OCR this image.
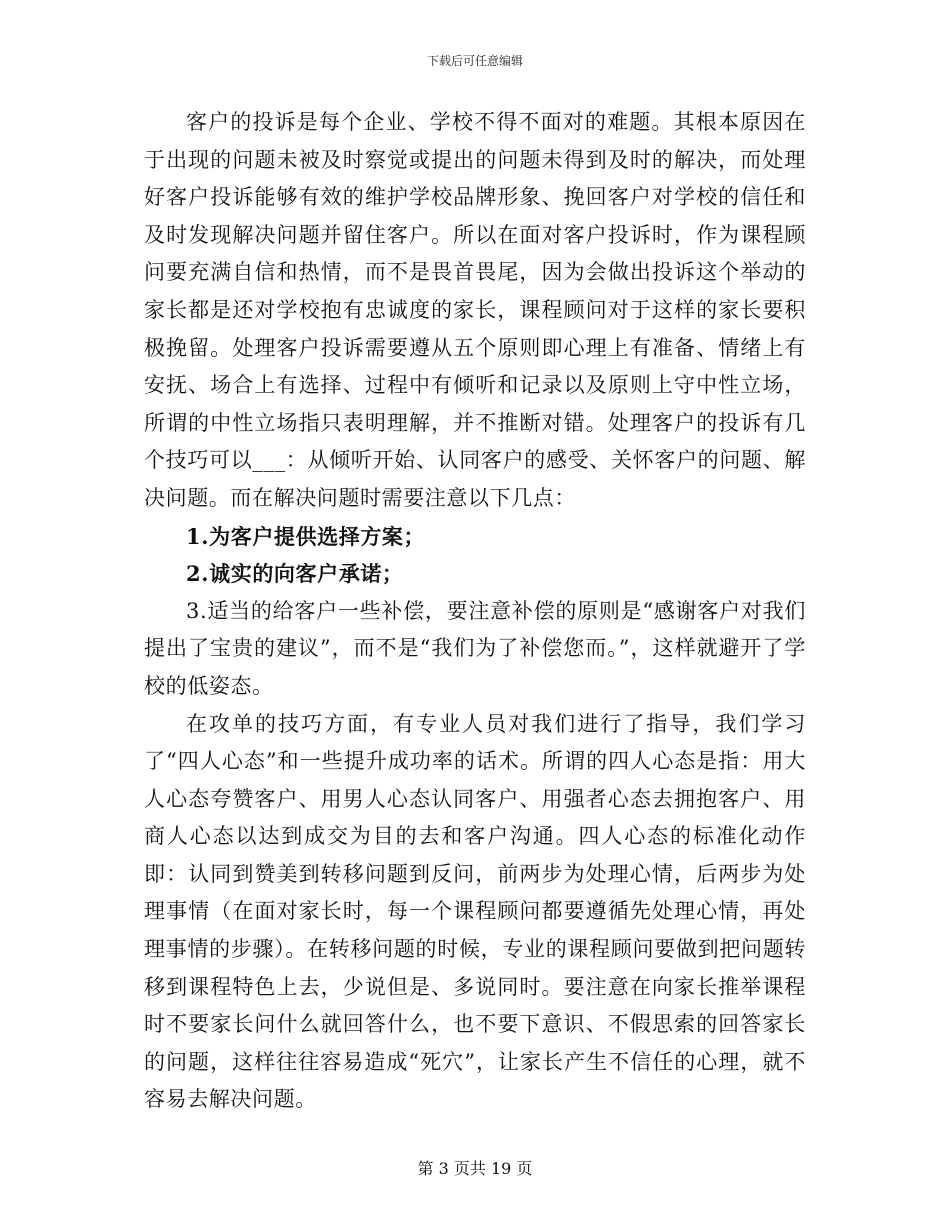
下载后可任意编辑

客户的投诉是每个企业、学校不得不面对的难题。其根本原因在于出现的问题未被及时察觉或提出的问题未得到及时的解决，而处理好客户投诉能够有效的维护学校品牌形象、挽回客户对学校的信任和及时发现解决问题并留住客户。所以在面对客户投诉时，作为课程顾问要充满自信和热情，而不是畏首畏尾，因为会做出投诉这个举动的家长都是还对学校抱有忠诚度的家长，课程顾问对于这样的家长要积极挽留。处理客户投诉需要遵从五个原则即心理上有准备、情绪上有安抚、场合上有选择、过程中有倾听和记录以及原则上守中性立场，所谓的中性立场指只表明理解，并不推断对错。处理客户的投诉有几个技巧可以___：从倾听开始、认同客户的感受、关怀客户的问题、解决问题。而在解决问题时需要注意以下几点：

1.为客户提供选择方案；

2.诚实的向客户承诺；

3.适当的给客户一些补偿，要注意补偿的原则是“感谢客户对我们提出了宝贵的建议”，而不是“我们为了补偿您而。”，这样就避开了学校的低姿态。

在攻单的技巧方面，有专业人员对我们进行了指导，我们学习了“四人心态”和一些提升成功率的话术。所谓的四人心态是指：用大人心态夸赞客户、用男人心态认同客户、用强者心态去拥抱客户、用商人心态以达到成交为目的去和客户沟通。四人心态的标准化动作即：认同到赞美到转移问题到反问，前两步为处理心情，后两步为处理事情（在面对家长时，每一个课程顾问都要遵循先处理心情，再处理事情的步骤）。在转移问题的时候，专业的课程顾问要做到把问题转移到课程特色上去，少说但是、多说同时。要注意在向家长推举课程时不要家长问什么就回答什么，也不要下意识、不假思索的回答家长的问题，这样往往容易造成“死穴”，让家长产生不信任的心理，就不容易去解决问题。

第 3 页共 19 页
